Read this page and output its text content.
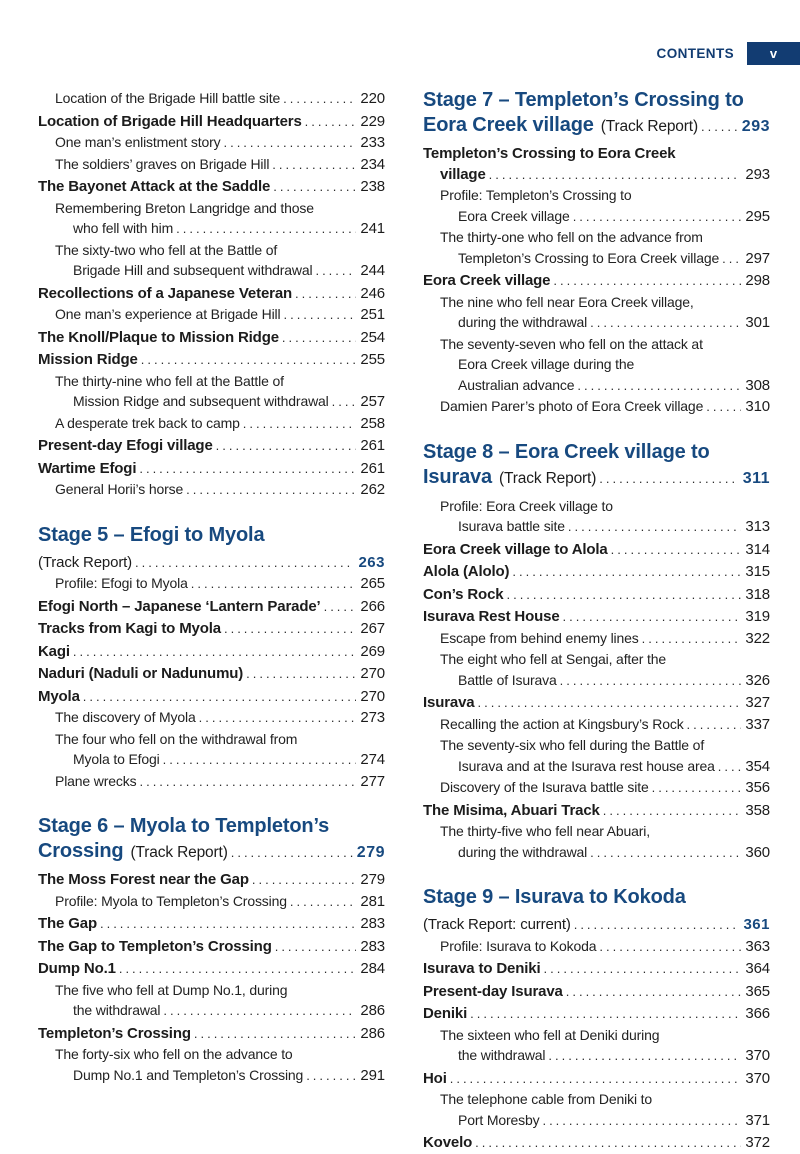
CONTENTS	v
Location of the Brigade Hill battle site .....	220
Location of Brigade Hill Headquarters .....	229
One man’s enlistment story .....	233
The soldiers’ graves on Brigade Hill .....	234
The Bayonet Attack at the Saddle .....	238
Remembering Breton Langridge and those
who fell with him .....	241
The sixty-two who fell at the Battle of
Brigade Hill and subsequent withdrawal .....	244
Recollections of a Japanese Veteran .....	246
One man’s experience at Brigade Hill .....	251
The Knoll/Plaque to Mission Ridge .....	254
Mission Ridge .....	255
The thirty-nine who fell at the Battle of
Mission Ridge and subsequent withdrawal ..... 257
A desperate trek back to camp .....	258
Present-day Efogi village .....	261
Wartime Efogi .....	261
General Horii’s horse .....	262
Stage 5 – Efogi to Myola
(Track Report) .....	263
Profile: Efogi to Myola .....	265
Efogi North – Japanese ‘Lantern Parade’ .....	266
Tracks from Kagi to Myola .....	267
Kagi .....	269
Naduri (Naduli or Nadunumu) .....	270
Myola .....	270
The discovery of Myola .....	273
The four who fell on the withdrawal from
Myola to Efogi .....	274
Plane wrecks .....	277
Stage 6 – Myola to Templeton’s
Crossing (Track Report) .....	279
The Moss Forest near the Gap .....	279
Profile: Myola to Templeton’s Crossing .....	281
The Gap .....	283
The Gap to Templeton’s Crossing .....	283
Dump No.1 .....	284
The five who fell at Dump No.1, during
the withdrawal .....	286
Templeton’s Crossing .....	286
The forty-six who fell on the advance to
Dump No.1 and Templeton’s Crossing .....	291
Stage 7 – Templeton’s Crossing to
Eora Creek village (Track Report) .....	293
Templeton’s Crossing to Eora Creek
village .....	293
Profile: Templeton’s Crossing to
Eora Creek village .....	295
The thirty-one who fell on the advance from
Templeton’s Crossing to Eora Creek village ..... 297
Eora Creek village .....	298
The nine who fell near Eora Creek village,
during the withdrawal .....	301
The seventy-seven who fell on the attack at
Eora Creek village during the
Australian advance .....	308
Damien Parer’s photo of Eora Creek village .....	310
Stage 8 – Eora Creek village to
Isurava (Track Report) .....	311
Profile: Eora Creek village to
Isurava battle site .....	313
Eora Creek village to Alola .....	314
Alola (Alolo) .....	315
Con’s Rock .....	318
Isurava Rest House .....	319
Escape from behind enemy lines .....	322
The eight who fell at Sengai, after the
Battle of Isurava .....	326
Isurava .....	327
Recalling the action at Kingsbury’s Rock .....	337
The seventy-six who fell during the Battle of
Isurava and at the Isurava rest house area ..... 354
Discovery of the Isurava battle site .....	356
The Misima, Abuari Track .....	358
The thirty-five who fell near Abuari,
during the withdrawal .....	360
Stage 9 – Isurava to Kokoda
(Track Report: current) .....	361
Profile: Isurava to Kokoda .....	363
Isurava to Deniki .....	364
Present-day Isurava .....	365
Deniki .....	366
The sixteen who fell at Deniki during
the withdrawal .....	370
Hoi .....	370
The telephone cable from Deniki to
Port Moresby .....	371
Kovelo .....	372
